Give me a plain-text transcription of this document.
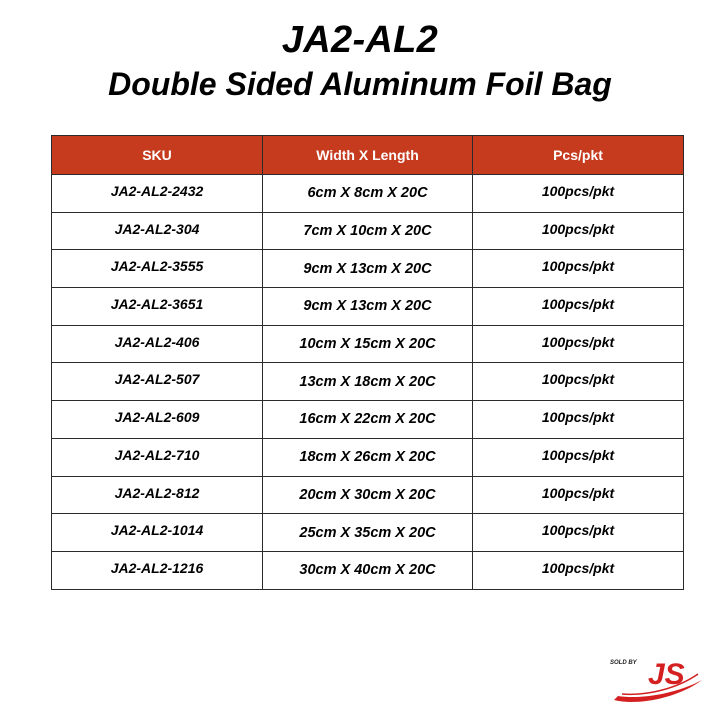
JA2-AL2
Double Sided Aluminum Foil Bag
SKU	Width X Length	Pcs/pkt
JA2-AL2-2432	6cm X 8cm X 20C	100pcs/pkt
JA2-AL2-304	7cm X 10cm X 20C	100pcs/pkt
JA2-AL2-3555	9cm X 13cm X 20C	100pcs/pkt
JA2-AL2-3651	9cm X 13cm X 20C	100pcs/pkt
JA2-AL2-406	10cm X 15cm X 20C	100pcs/pkt
JA2-AL2-507	13cm X 18cm X 20C	100pcs/pkt
JA2-AL2-609	16cm X 22cm X 20C	100pcs/pkt
JA2-AL2-710	18cm X 26cm X 20C	100pcs/pkt
JA2-AL2-812	20cm X 30cm X 20C	100pcs/pkt
JA2-AL2-1014	25cm X 35cm X 20C	100pcs/pkt
JA2-AL2-1216	30cm X 40cm X 20C	100pcs/pkt
SOLD BY JS
